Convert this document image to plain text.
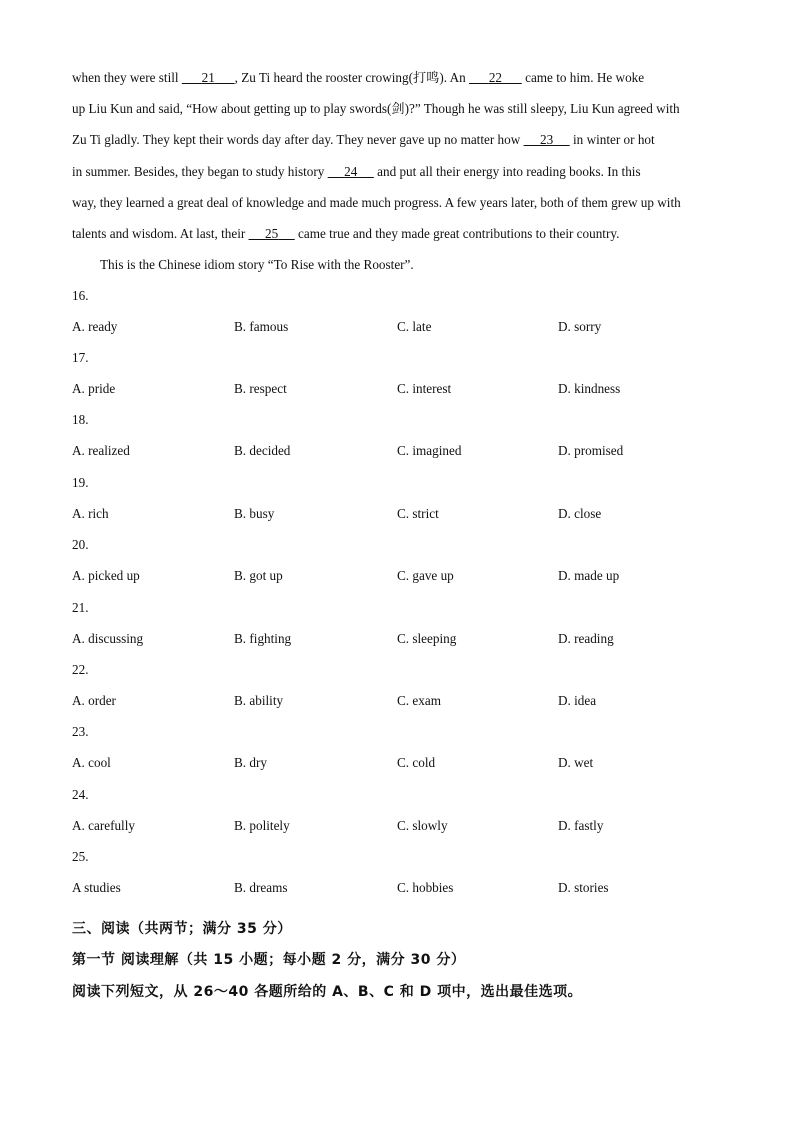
when they were still       21 , Zu Ti heard the rooster crowing(打鸣). An       22       came to him. He woke
up Liu Kun and said, “How about getting up to play swords(剑)?” Though he was still sleepy, Liu Kun agreed with
Zu Ti gladly. They kept their words day after day. They never gave up no matter how      23      in winter or hot
in summer. Besides, they began to study history      24      and put all their energy into reading books. In this
way, they learned a great deal of knowledge and made much progress. A few years later, both of them grew up with
talents and wisdom. At last, their      25      came true and they made great contributions to their country.
This is the Chinese idiom story “To Rise with the Rooster”.
16.
A. ready	B. famous	C. late	D. sorry
17.
A. pride	B. respect	C. interest	D. kindness
18.
A. realized	B. decided	C. imagined	D. promised
19.
A. rich	B. busy	C. strict	D. close
20.
A. picked up	B. got up	C. gave up	D. made up
21.
A. discussing	B. fighting	C. sleeping	D. reading
22.
A. order	B. ability	C. exam	D. idea
23.
A. cool	B. dry	C. cold	D. wet
24.
A. carefully	B. politely	C. slowly	D. fastly
25.
A studies	B. dreams	C. hobbies	D. stories
三、阅读（共两节；满分 35 分）
第一节 阅读理解（共 15 小题；每小题 2 分，满分 30 分）
阅读下列短文，从 26～40 各题所给的 A、B、C 和 D 项中，选出最佳选项。
